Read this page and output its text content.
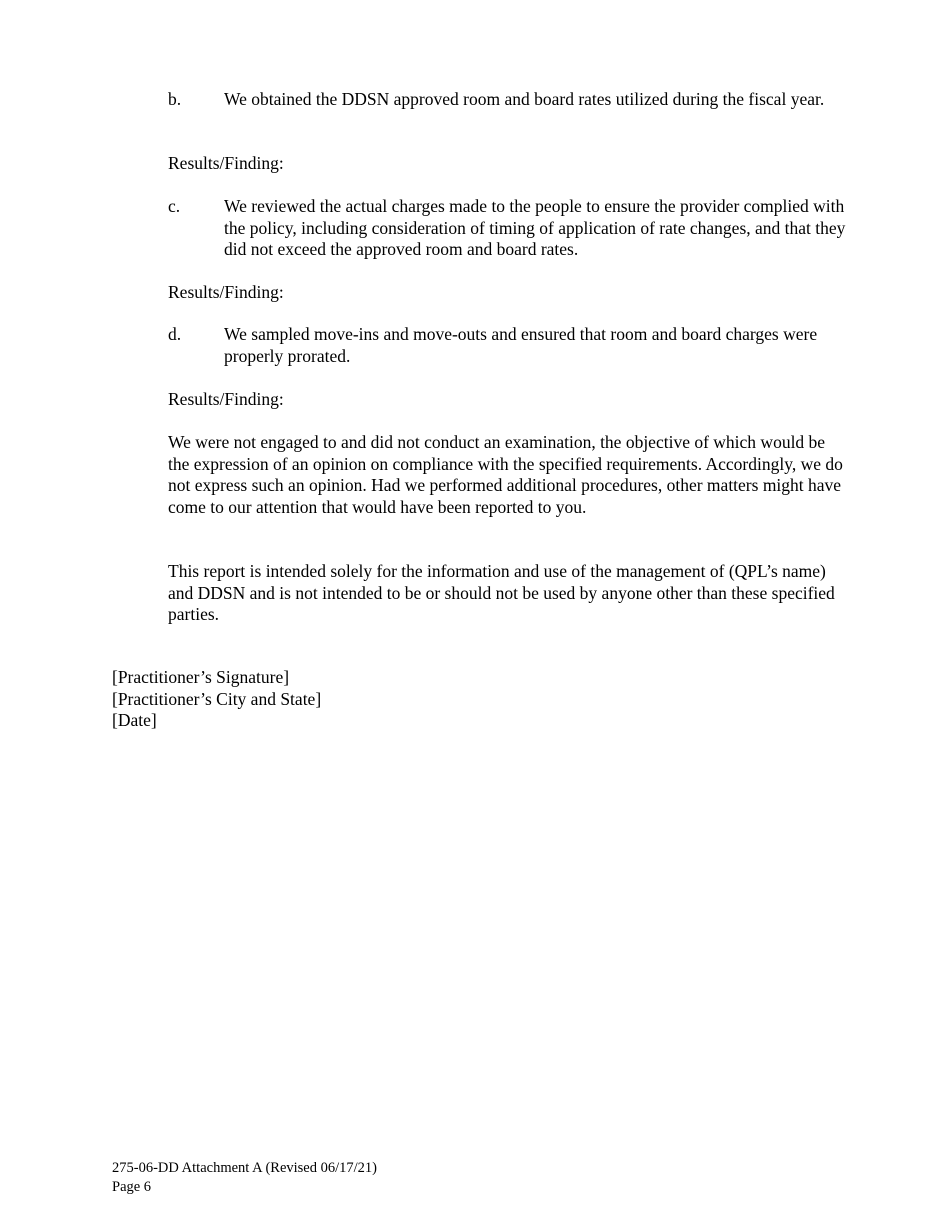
b. We obtained the DDSN approved room and board rates utilized during the fiscal year.
Results/Finding:
c.	We reviewed the actual charges made to the people to ensure the provider complied with the policy, including consideration of timing of application of rate changes, and that they did not exceed the approved room and board rates.
Results/Finding:
d. We sampled move-ins and move-outs and ensured that room and board charges were properly prorated.
Results/Finding:
We were not engaged to and did not conduct an examination, the objective of which would be the expression of an opinion on compliance with the specified requirements. Accordingly, we do not express such an opinion. Had we performed additional procedures, other matters might have come to our attention that would have been reported to you.
This report is intended solely for the information and use of the management of (QPL’s name) and DDSN and is not intended to be or should not be used by anyone other than these specified parties.
[Practitioner’s Signature]
[Practitioner’s City and State]
[Date]
275-06-DD Attachment A (Revised 06/17/21)
Page 6
